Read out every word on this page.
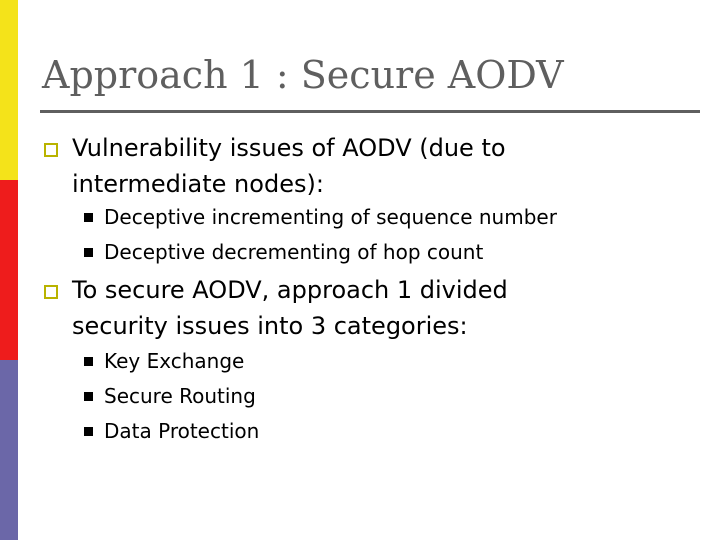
Approach 1 : Secure AODV
Vulnerability issues of AODV (due to
intermediate nodes):
Deceptive incrementing of sequence number
Deceptive decrementing of hop count
To secure AODV, approach 1 divided
security issues into 3 categories:
Key Exchange
Secure Routing
Data Protection
